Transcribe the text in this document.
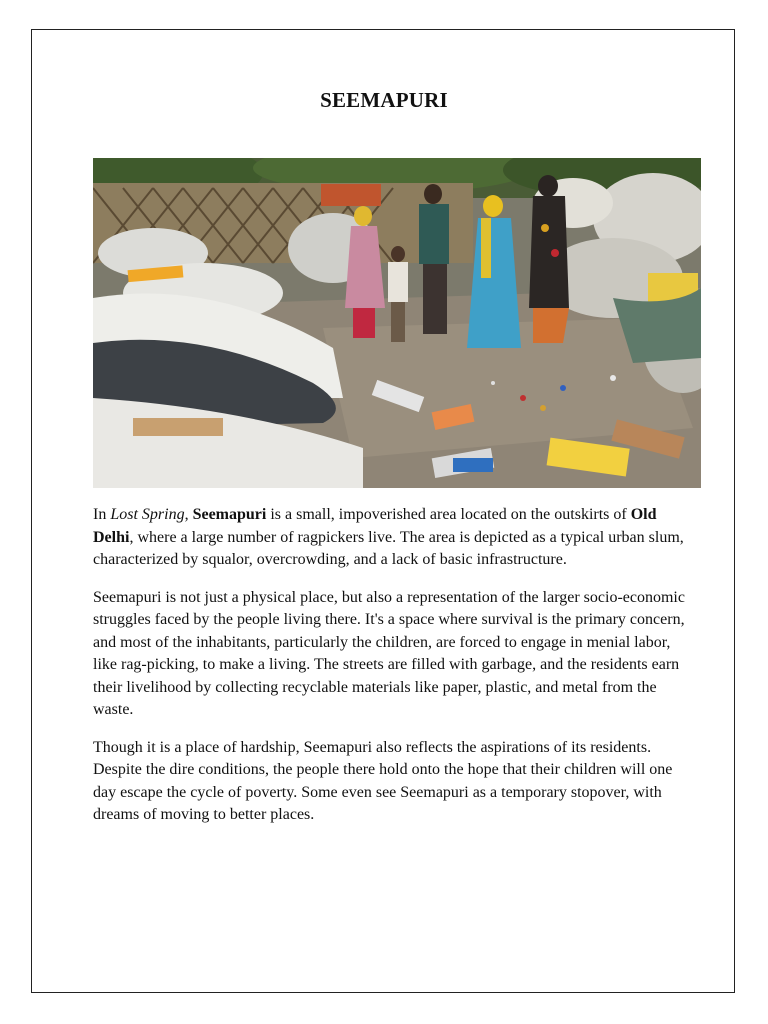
SEEMAPURI

In Lost Spring, Seemapuri is a small, impoverished area located on the outskirts of Old Delhi, where a large number of ragpickers live. The area is depicted as a typical urban slum, characterized by squalor, overcrowding, and a lack of basic infrastructure.

Seemapuri is not just a physical place, but also a representation of the larger socio-economic struggles faced by the people living there. It's a space where survival is the primary concern, and most of the inhabitants, particularly the children, are forced to engage in menial labor, like rag-picking, to make a living. The streets are filled with garbage, and the residents earn their livelihood by collecting recyclable materials like paper, plastic, and metal from the waste.

Though it is a place of hardship, Seemapuri also reflects the aspirations of its residents. Despite the dire conditions, the people there hold onto the hope that their children will one day escape the cycle of poverty. Some even see Seemapuri as a temporary stopover, with dreams of moving to better places.
